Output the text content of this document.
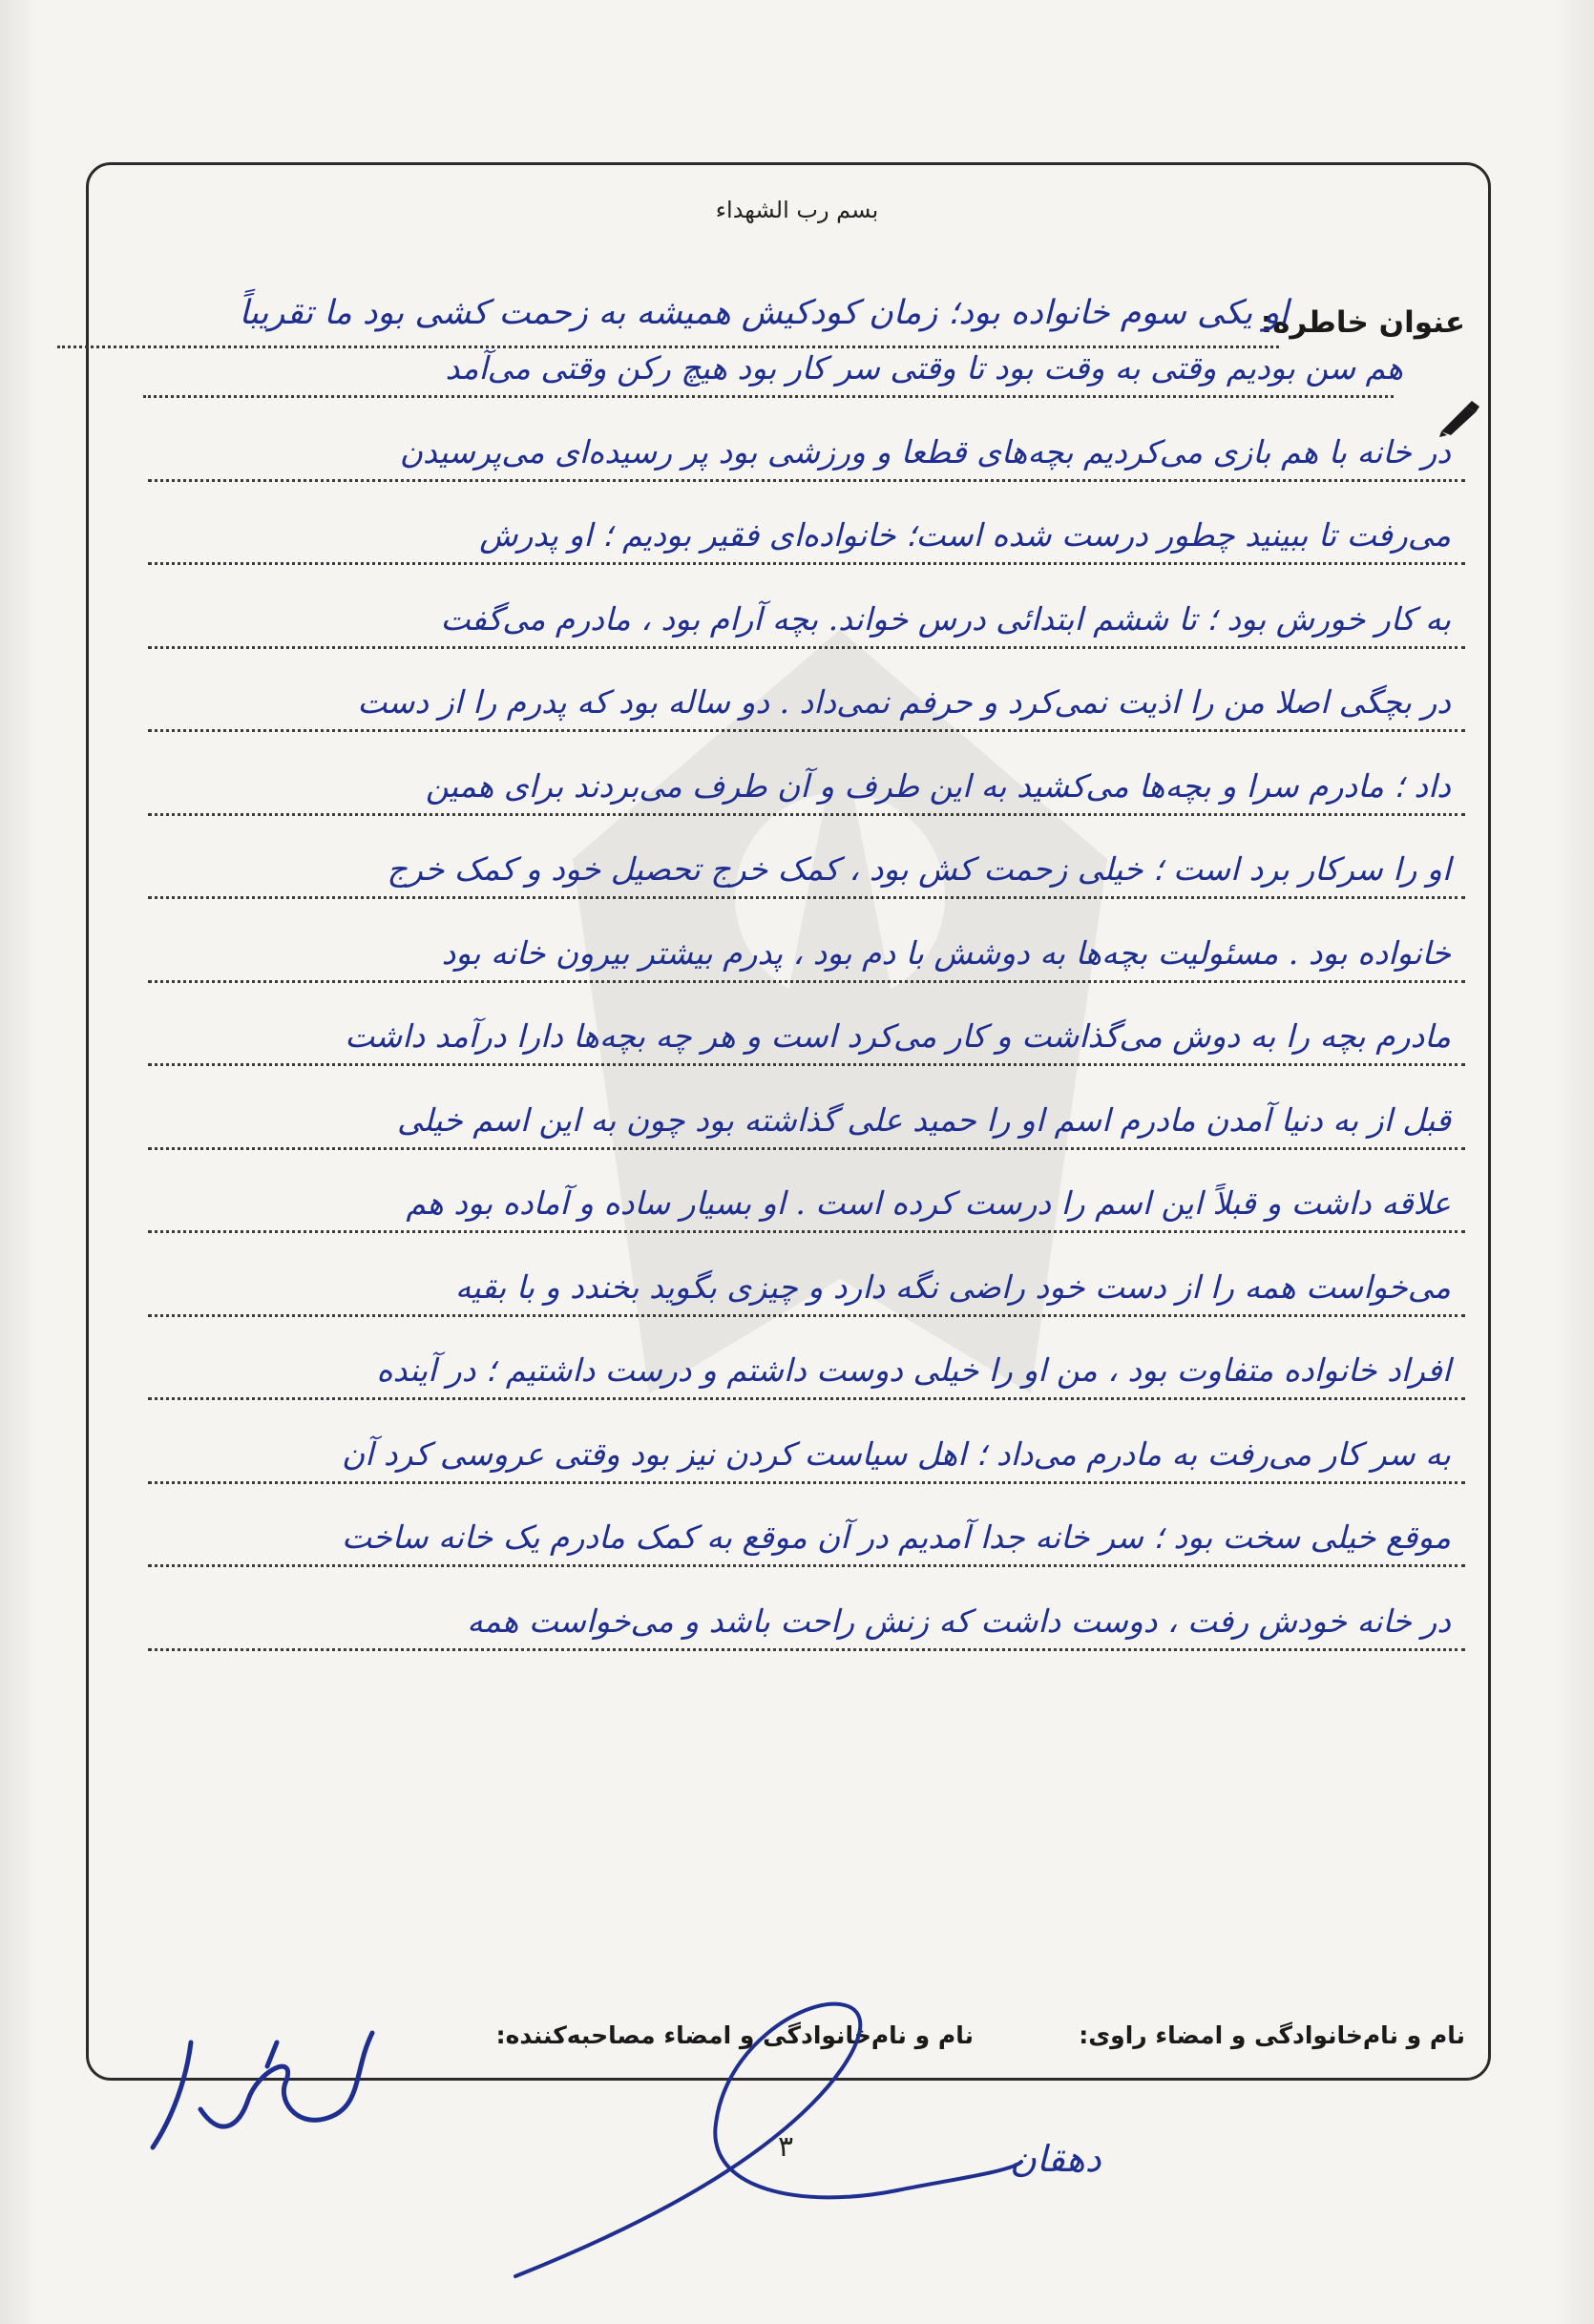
بسم رب الشهداء
عنوان خاطره:
او یکی سوم خانواده بود؛ زمان کودکیش همیشه به زحمت کشی بود ما تقریباً
هم سن بودیم وقتی به وقت بود تا وقتی سر کار بود هیچ رکن وقتی می‌آمد
در خانه با هم بازی می‌کردیم بچه‌های قطعا و ورزشی بود پر رسیده‌ای می‌پرسیدن
می‌رفت تا ببینید چطور درست شده است؛ خانواده‌ای فقیر بودیم ؛ او پدرش
به کار خورش بود ؛ تا ششم ابتدائی درس خواند. بچه آرام بود ، مادرم می‌گفت
در بچگی اصلا من را اذیت نمی‌کرد و حرفم نمی‌داد . دو ساله بود که پدرم را از دست
داد ؛ مادرم سرا و بچه‌ها می‌کشید به این طرف و آن طرف می‌بردند برای همین
او را سرکار برد است ؛ خیلی زحمت کش بود ، کمک خرج تحصیل خود و کمک خرج
خانواده بود . مسئولیت بچه‌ها به دوشش با دم بود ، پدرم بیشتر بیرون خانه بود
مادرم بچه را به دوش می‌گذاشت و کار می‌کرد است و هر چه بچه‌ها دارا درآمد داشت
قبل از به دنیا آمدن مادرم اسم او را حمید علی گذاشته بود چون به این اسم خیلی
علاقه داشت و قبلاً این اسم را درست کرده است . او بسیار ساده و آماده بود هم
می‌خواست همه را از دست خود راضی نگه دارد و چیزی بگوید بخندد و با بقیه
افراد خانواده متفاوت بود ، من او را خیلی دوست داشتم و درست داشتیم ؛ در آینده
به سر کار می‌رفت به مادرم می‌داد ؛ اهل سیاست کردن نیز بود وقتی عروسی کرد آن
موقع خیلی سخت بود ؛ سر خانه جدا آمدیم در آن موقع به کمک مادرم یک خانه ساخت
در خانه خودش رفت ، دوست داشت که زنش راحت باشد و می‌خواست همه
نام و نام‌خانوادگی و امضاء راوی:
نام و نام‌خانوادگی و امضاء مصاحبه‌کننده:
دهقان
۳
